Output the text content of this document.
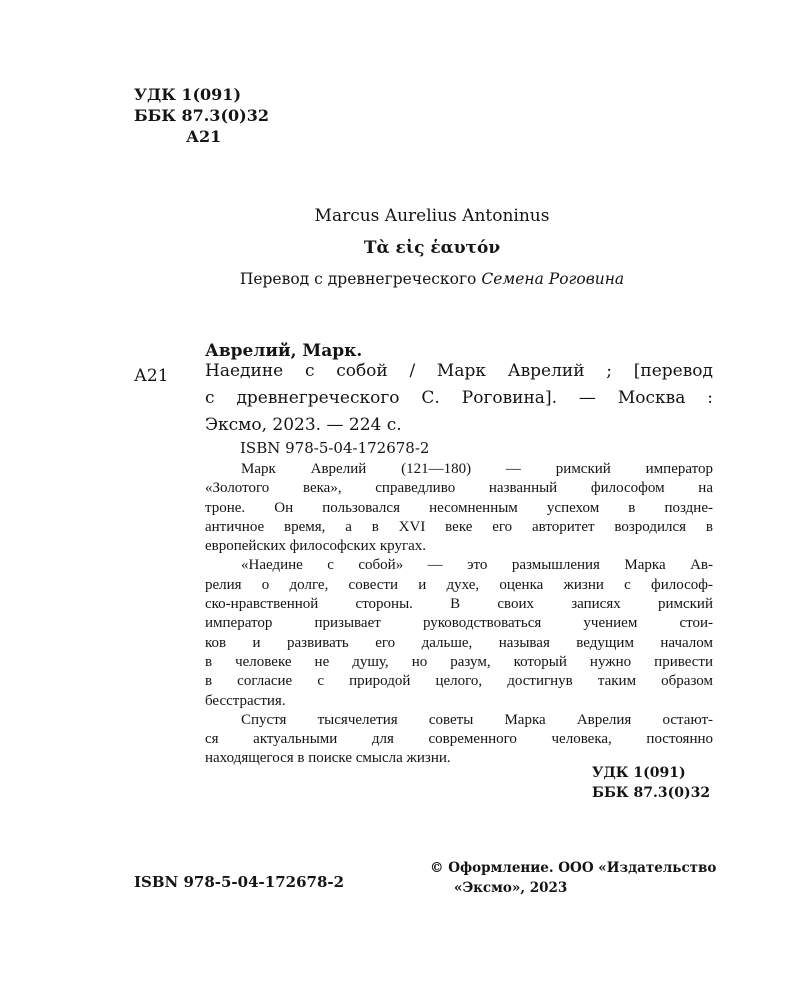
УДК 1(091)
ББК 87.3(0)32
А21
Marcus Aurelius Antoninus
Τὰ εἰς ἑαυτόν
Перевод с древнегреческого Семена Роговина
Аврелий, Марк.
А21 Наедине с собой / Марк Аврелий ; [перевод
с древнегреческого С. Роговина]. — Москва :
Эксмо, 2023. — 224 с.
ISBN 978-5-04-172678-2
Марк Аврелий (121—180) — римский император
«Золотого века», справедливо названный философом на
троне. Он пользовался несомненным успехом в поздне-
античное время, а в XVI веке его авторитет возродился в
европейских философских кругах.
«Наедине с собой» — это размышления Марка Ав-
релия о долге, совести и духе, оценка жизни с философ-
ско-нравственной стороны. В своих записях римский
император призывает руководствоваться учением стои-
ков и развивать его дальше, называя ведущим началом
в человеке не душу, но разум, который нужно привести
в согласие с природой целого, достигнув таким образом
бесстрастия.
Спустя тысячелетия советы Марка Аврелия остают-
ся актуальными для современного человека, постоянно
находящегося в поиске смысла жизни.
УДК 1(091)
ББК 87.3(0)32
ISBN 978-5-04-172678-2
© Оформление. ООО «Издательство
«Эксмо», 2023
